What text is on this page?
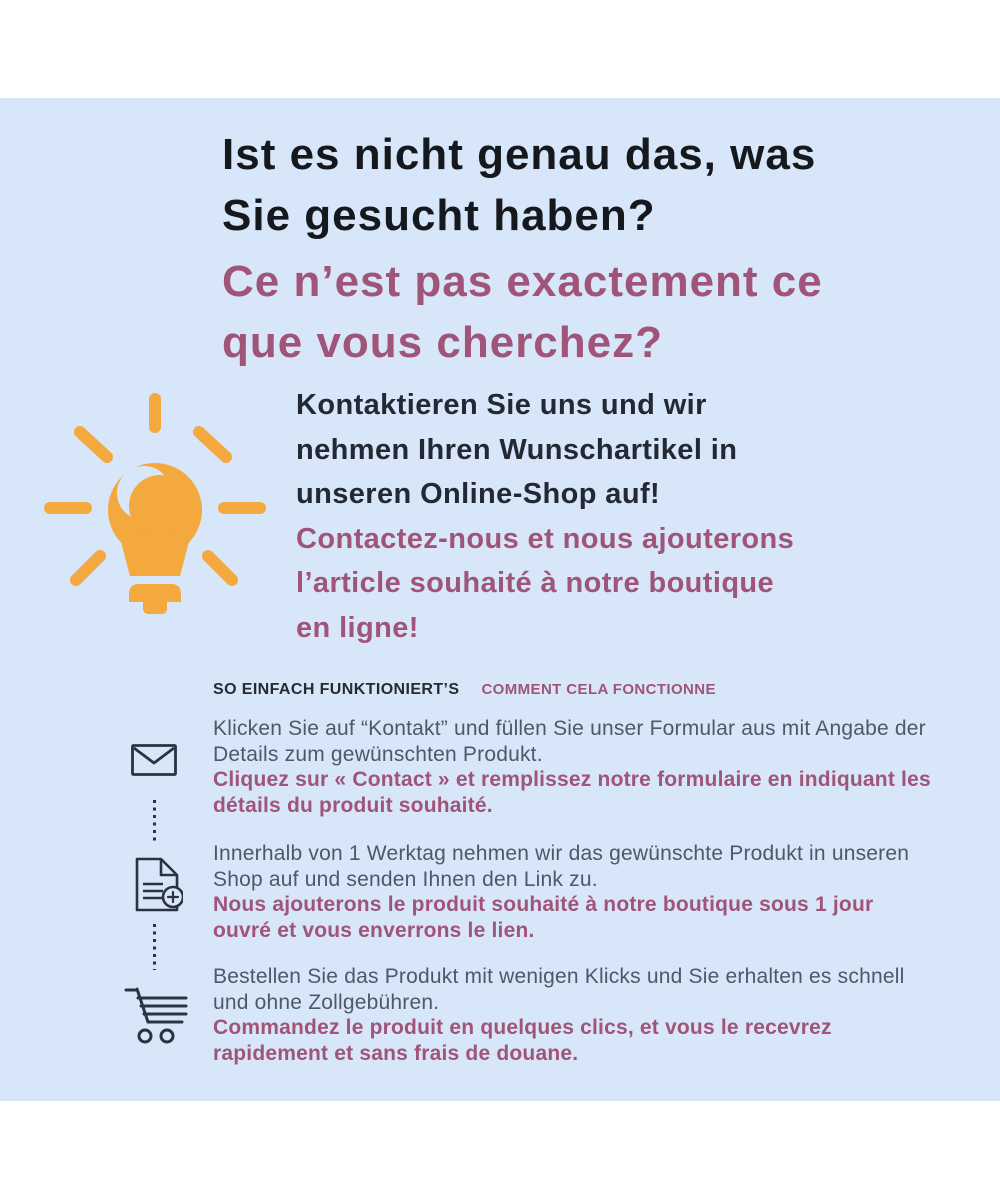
Ist es nicht genau das, was
Sie gesucht haben?
Ce n’est pas exactement ce
que vous cherchez?
Kontaktieren Sie uns und wir
nehmen Ihren Wunschartikel in
unseren Online-Shop auf!
Contactez-nous et nous ajouterons
l’article souhaité à notre boutique
en ligne!
SO EINFACH FUNKTIONIERT’S COMMENT CELA FONCTIONNE
Klicken Sie auf “Kontakt” und füllen Sie unser Formular aus mit Angabe der Details zum gewünschten Produkt.
Cliquez sur « Contact » et remplissez notre formulaire en indiquant les détails du produit souhaité.
Innerhalb von 1 Werktag nehmen wir das gewünschte Produkt in unseren Shop auf und senden Ihnen den Link zu.
Nous ajouterons le produit souhaité à notre boutique sous 1 jour ouvré et vous enverrons le lien.
Bestellen Sie das Produkt mit wenigen Klicks und Sie erhalten es schnell und ohne Zollgebühren.
Commandez le produit en quelques clics, et vous le recevrez rapidement et sans frais de douane.
